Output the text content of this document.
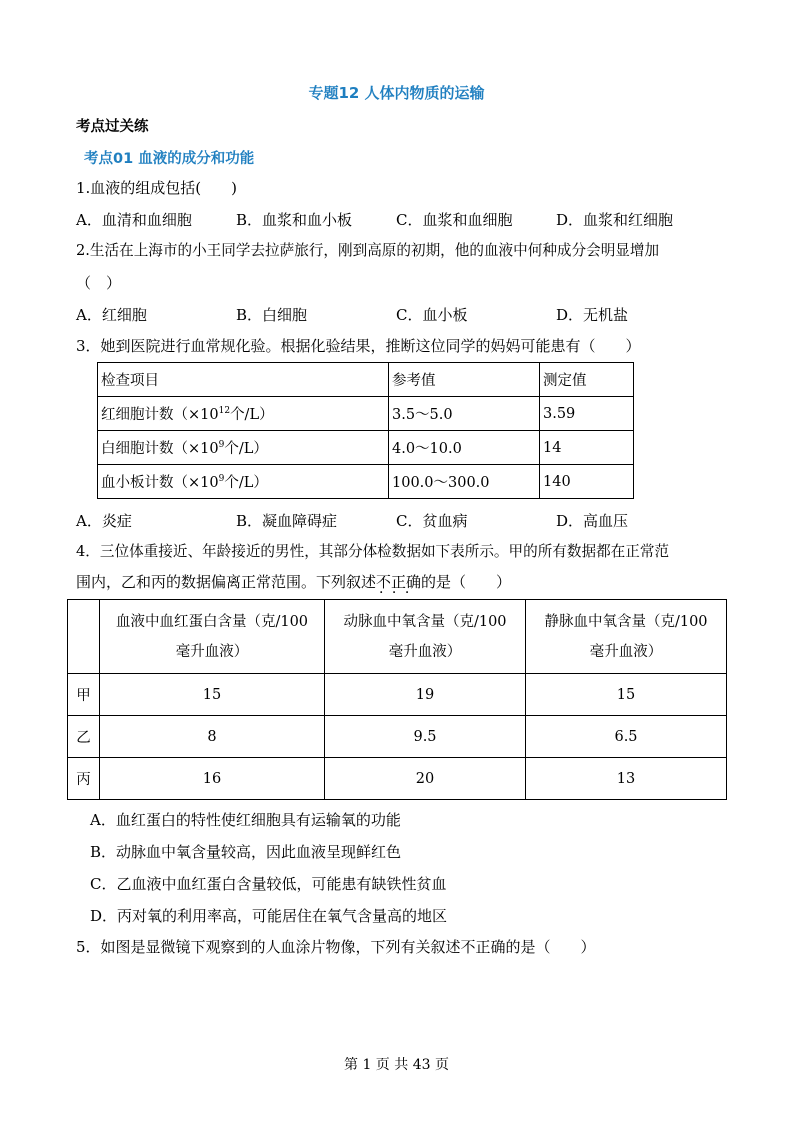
专题12 人体内物质的运输
考点过关练
考点01 血液的成分和功能
1.血液的组成包括(　　)
A．血清和血细胞	B．血浆和血小板	C．血浆和血细胞	D．血浆和红细胞
2.生活在上海市的小王同学去拉萨旅行，刚到高原的初期，他的血液中何种成分会明显增加
（　）
A．红细胞	B．白细胞	C．血小板	D．无机盐
3．她到医院进行血常规化验。根据化验结果，推断这位同学的妈妈可能患有（　　）
检查项目	参考值	测定值
红细胞计数（$\times 10^{12}$个/L）	3.5～5.0	3.59
白细胞计数（$\times 10^9$个/L）	4.0～10.0	14
血小板计数（$\times 10^9$个/L）	100.0～300.0	140
A．炎症	B．凝血障碍症	C．贫血病	D．高血压
4．三位体重接近、年龄接近的男性，其部分体检数据如下表所示。甲的所有数据都在正常范
围内，乙和丙的数据偏离正常范围。下列叙述不正确 · · ·的是（　　）
	血液中血红蛋白含量（克/100
毫升血液）	动脉血中氧含量（克/100
毫升血液）	静脉血中氧含量（克/100
毫升血液）
甲	15	19	15
乙	8	9.5	6.5
丙	16	20	13
A．血红蛋白的特性使红细胞具有运输氧的功能
B．动脉血中氧含量较高，因此血液呈现鲜红色
C．乙血液中血红蛋白含量较低，可能患有缺铁性贫血
D．丙对氧的利用率高，可能居住在氧气含量高的地区
5．如图是显微镜下观察到的人血涂片物像，下列有关叙述不正确的是（　　）
第 1 页 共 43 页
